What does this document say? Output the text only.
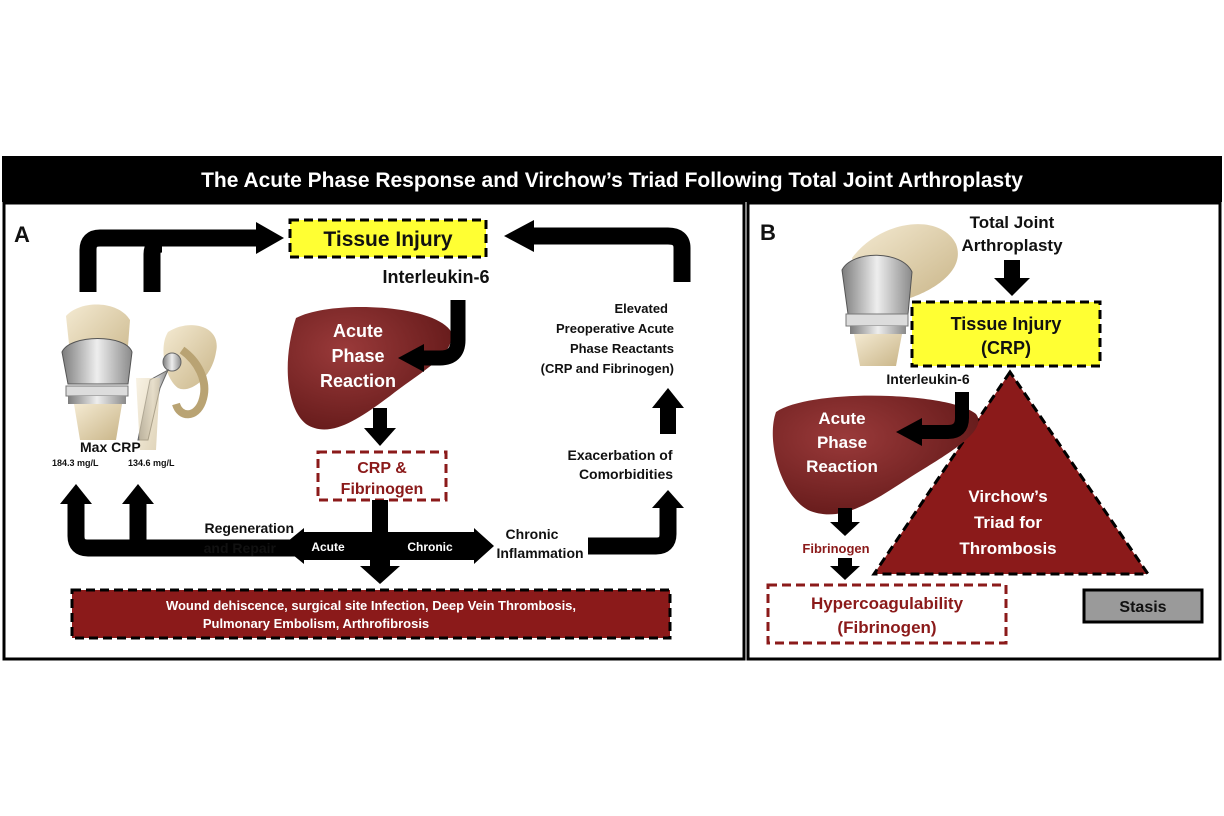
The Acute Phase Response and Virchow’s Triad Following Total Joint Arthroplasty
A	Tissue Injury
Interleukin-6
Acute
Phase
Reaction
CRP &
Fibrinogen
Max CRP
184.3 mg/L	134.6 mg/L
Regeneration
and Repair	Acute	Chronic
Chronic
Inflammation
Exacerbation of
Comorbidities
Elevated
Preoperative Acute
Phase Reactants
(CRP and Fibrinogen)
Wound dehiscence, surgical site Infection, Deep Vein Thrombosis,
Pulmonary Embolism, Arthrofibrosis
B	Total Joint
Arthroplasty
Tissue Injury
(CRP)
Interleukin-6
Virchow’s
Triad for
Thrombosis
Acute
Phase
Reaction
Fibrinogen
Hypercoagulability
(Fibrinogen)
Stasis
